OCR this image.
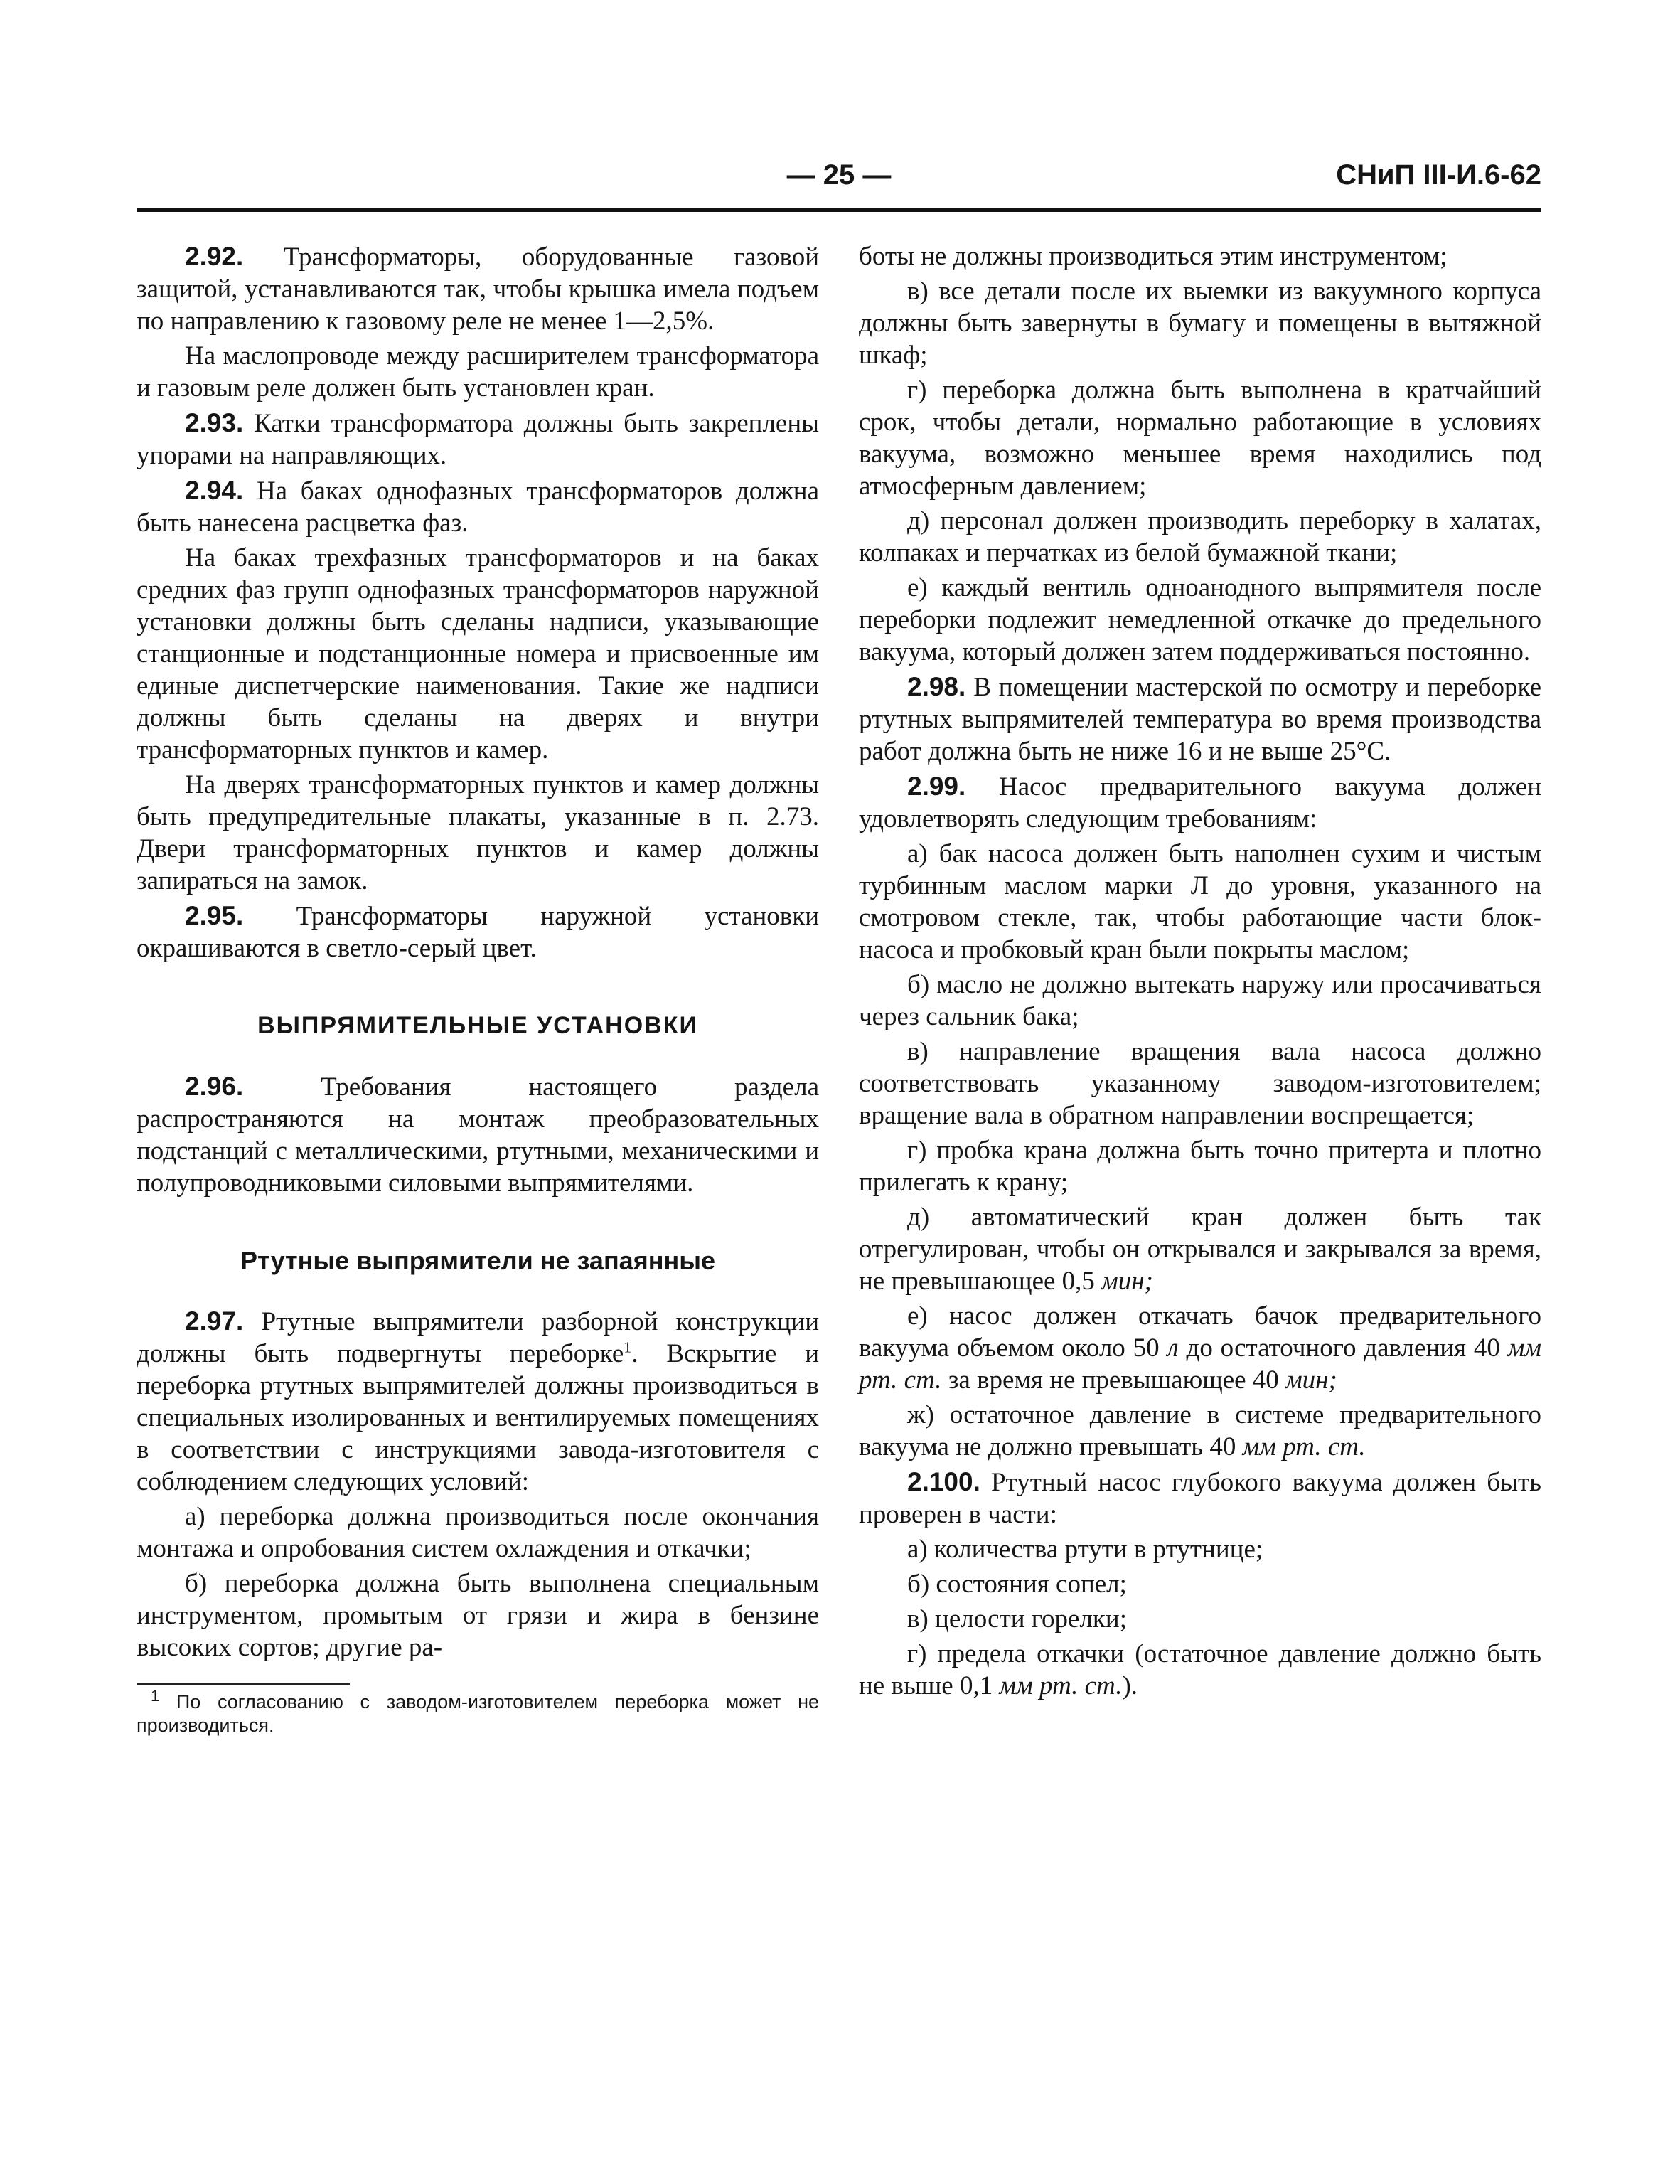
— 25 —	СНиП III-И.6-62

2.92. Трансформаторы, оборудованные газовой защитой, устанавливаются так, чтобы крышка имела подъем по направлению к газовому реле не менее 1—2,5%.

На маслопроводе между расширителем трансформатора и газовым реле должен быть установлен кран.

2.93. Катки трансформатора должны быть закреплены упорами на направляющих.

2.94. На баках однофазных трансформаторов должна быть нанесена расцветка фаз.

На баках трехфазных трансформаторов и на баках средних фаз групп однофазных трансформаторов наружной установки должны быть сделаны надписи, указывающие станционные и подстанционные номера и присвоенные им единые диспетчерские наименования. Такие же надписи должны быть сделаны на дверях и внутри трансформаторных пунктов и камер.

На дверях трансформаторных пунктов и камер должны быть предупредительные плакаты, указанные в п. 2.73. Двери трансформаторных пунктов и камер должны запираться на замок.

2.95. Трансформаторы наружной установки окрашиваются в светло-серый цвет.

ВЫПРЯМИТЕЛЬНЫЕ УСТАНОВКИ

2.96. Требования настоящего раздела распространяются на монтаж преобразовательных подстанций с металлическими, ртутными, механическими и полупроводниковыми силовыми выпрямителями.

Ртутные выпрямители не запаянные

2.97. Ртутные выпрямители разборной конструкции должны быть подвергнуты переборке$^1$. Вскрытие и переборка ртутных выпрямителей должны производиться в специальных изолированных и вентилируемых помещениях в соответствии с инструкциями завода-изготовителя с соблюдением следующих условий:

а) переборка должна производиться после окончания монтажа и опробования систем охлаждения и откачки;

б) переборка должна быть выполнена специальным инструментом, промытым от грязи и жира в бензине высоких сортов; другие ра-

$^1$ По согласованию с заводом-изготовителем переборка может не производиться.

боты не должны производиться этим инструментом;

в) все детали после их выемки из вакуумного корпуса должны быть завернуты в бумагу и помещены в вытяжной шкаф;

г) переборка должна быть выполнена в кратчайший срок, чтобы детали, нормально работающие в условиях вакуума, возможно меньшее время находились под атмосферным давлением;

д) персонал должен производить переборку в халатах, колпаках и перчатках из белой бумажной ткани;

е) каждый вентиль одноанодного выпрямителя после переборки подлежит немедленной откачке до предельного вакуума, который должен затем поддерживаться постоянно.

2.98. В помещении мастерской по осмотру и переборке ртутных выпрямителей температура во время производства работ должна быть не ниже 16 и не выше 25°С.

2.99. Насос предварительного вакуума должен удовлетворять следующим требованиям:

а) бак насоса должен быть наполнен сухим и чистым турбинным маслом марки Л до уровня, указанного на смотровом стекле, так, чтобы работающие части блок-насоса и пробковый кран были покрыты маслом;

б) масло не должно вытекать наружу или просачиваться через сальник бака;

в) направление вращения вала насоса должно соответствовать указанному заводом-изготовителем; вращение вала в обратном направлении воспрещается;

г) пробка крана должна быть точно притерта и плотно прилегать к крану;

д) автоматический кран должен быть так отрегулирован, чтобы он открывался и закрывался за время, не превышающее 0,5 мин;

е) насос должен откачать бачок предварительного вакуума объемом около 50 л до остаточного давления 40 мм рт. ст. за время не превышающее 40 мин;

ж) остаточное давление в системе предварительного вакуума не должно превышать 40 мм рт. ст.

2.100. Ртутный насос глубокого вакуума должен быть проверен в части:

а) количества ртути в ртутнице;

б) состояния сопел;

в) целости горелки;

г) предела откачки (остаточное давление должно быть не выше 0,1 мм рт. ст.).
